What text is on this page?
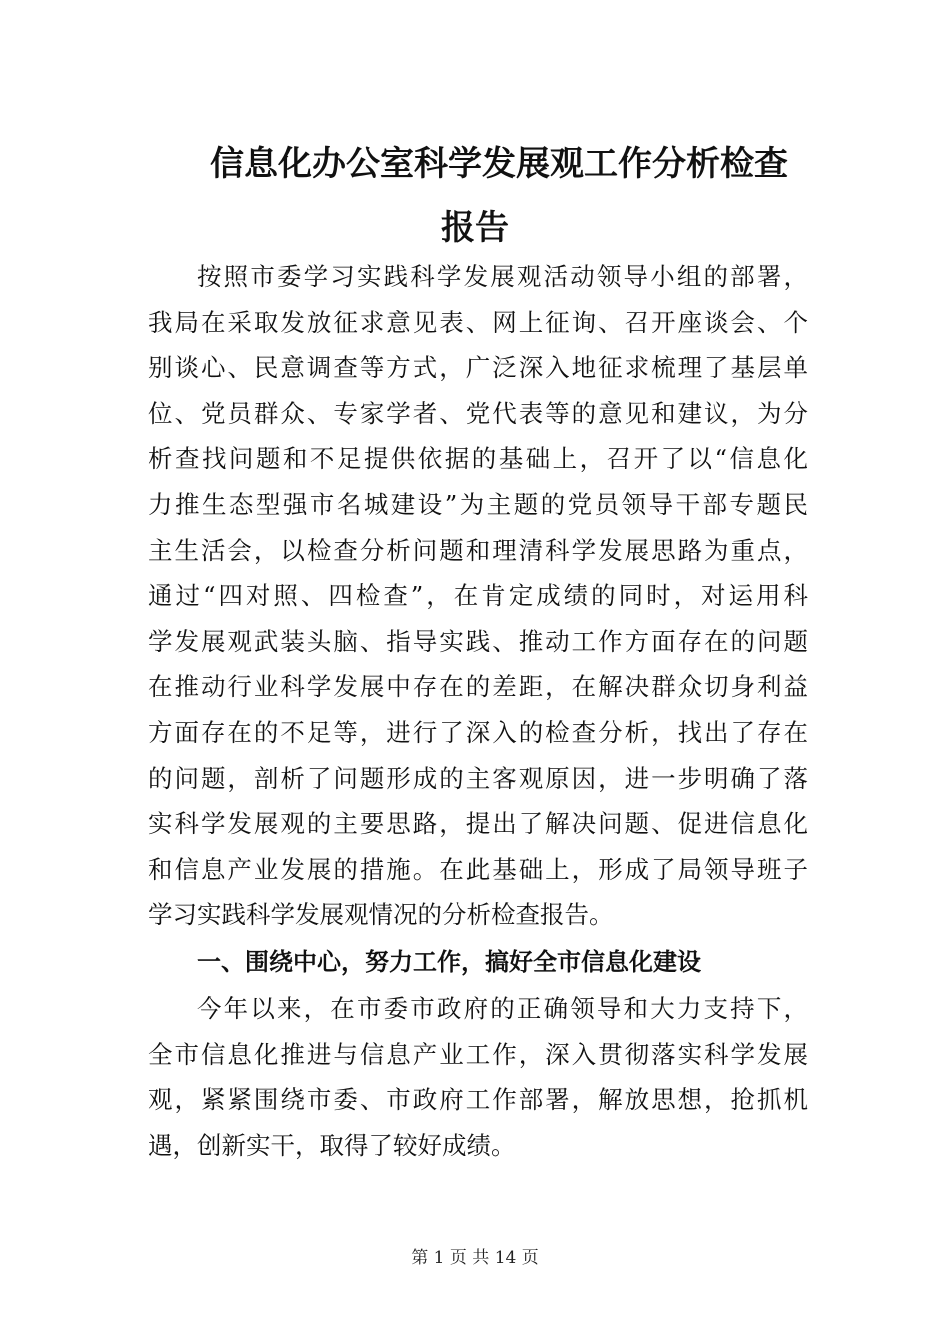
信息化办公室科学发展观工作分析检查
报告
按照市委学习实践科学发展观活动领导小组的部署，
我局在采取发放征求意见表、网上征询、召开座谈会、个
别谈心、民意调查等方式，广泛深入地征求梳理了基层单
位、党员群众、专家学者、党代表等的意见和建议，为分
析查找问题和不足提供依据的基础上，召开了以“信息化
力推生态型强市名城建设”为主题的党员领导干部专题民
主生活会，以检查分析问题和理清科学发展思路为重点，
通过“四对照、四检查”，在肯定成绩的同时，对运用科
学发展观武装头脑、指导实践、推动工作方面存在的问题
在推动行业科学发展中存在的差距，在解决群众切身利益
方面存在的不足等，进行了深入的检查分析，找出了存在
的问题，剖析了问题形成的主客观原因，进一步明确了落
实科学发展观的主要思路，提出了解决问题、促进信息化
和信息产业发展的措施。在此基础上，形成了局领导班子
学习实践科学发展观情况的分析检查报告。
一、围绕中心，努力工作，搞好全市信息化建设
今年以来，在市委市政府的正确领导和大力支持下，
全市信息化推进与信息产业工作，深入贯彻落实科学发展
观，紧紧围绕市委、市政府工作部署，解放思想，抢抓机
遇，创新实干，取得了较好成绩。
第 1 页 共 14 页
